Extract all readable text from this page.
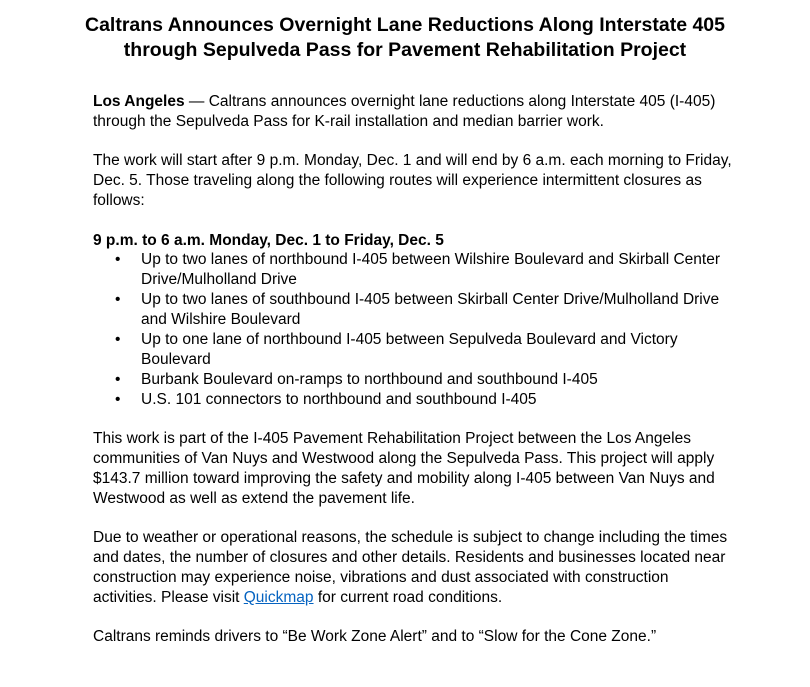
Caltrans Announces Overnight Lane Reductions Along Interstate 405
through Sepulveda Pass for Pavement Rehabilitation Project
Los Angeles — Caltrans announces overnight lane reductions along Interstate 405 (I-405) through the Sepulveda Pass for K-rail installation and median barrier work.
The work will start after 9 p.m. Monday, Dec. 1 and will end by 6 a.m. each morning to Friday, Dec. 5. Those traveling along the following routes will experience intermittent closures as follows:
9 p.m. to 6 a.m. Monday, Dec. 1 to Friday, Dec. 5
• Up to two lanes of northbound I-405 between Wilshire Boulevard and Skirball Center Drive/Mulholland Drive
• Up to two lanes of southbound I-405 between Skirball Center Drive/Mulholland Drive and Wilshire Boulevard
• Up to one lane of northbound I-405 between Sepulveda Boulevard and Victory Boulevard
• Burbank Boulevard on-ramps to northbound and southbound I-405
• U.S. 101 connectors to northbound and southbound I-405
This work is part of the I-405 Pavement Rehabilitation Project between the Los Angeles communities of Van Nuys and Westwood along the Sepulveda Pass. This project will apply $143.7 million toward improving the safety and mobility along I-405 between Van Nuys and Westwood as well as extend the pavement life.
Due to weather or operational reasons, the schedule is subject to change including the times and dates, the number of closures and other details. Residents and businesses located near construction may experience noise, vibrations and dust associated with construction activities. Please visit Quickmap for current road conditions.
Caltrans reminds drivers to “Be Work Zone Alert” and to “Slow for the Cone Zone.”
